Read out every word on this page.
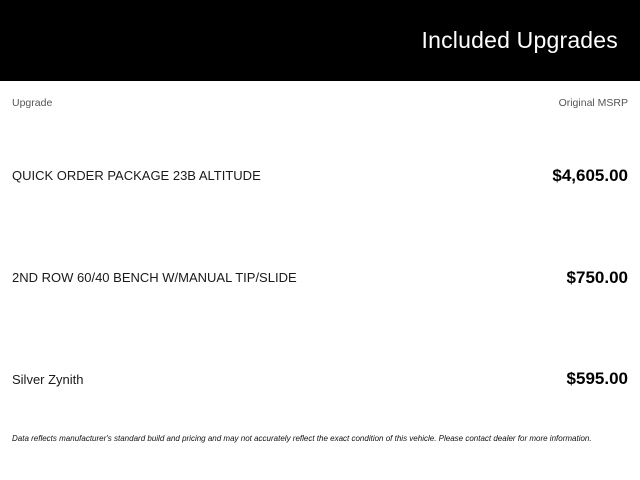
Included Upgrades
Upgrade	Original MSRP
QUICK ORDER PACKAGE 23B ALTITUDE	$4,605.00
2ND ROW 60/40 BENCH W/MANUAL TIP/SLIDE	$750.00
Silver Zynith	$595.00
Data reflects manufacturer's standard build and pricing and may not accurately reflect the exact condition of this vehicle. Please contact dealer for more information.
